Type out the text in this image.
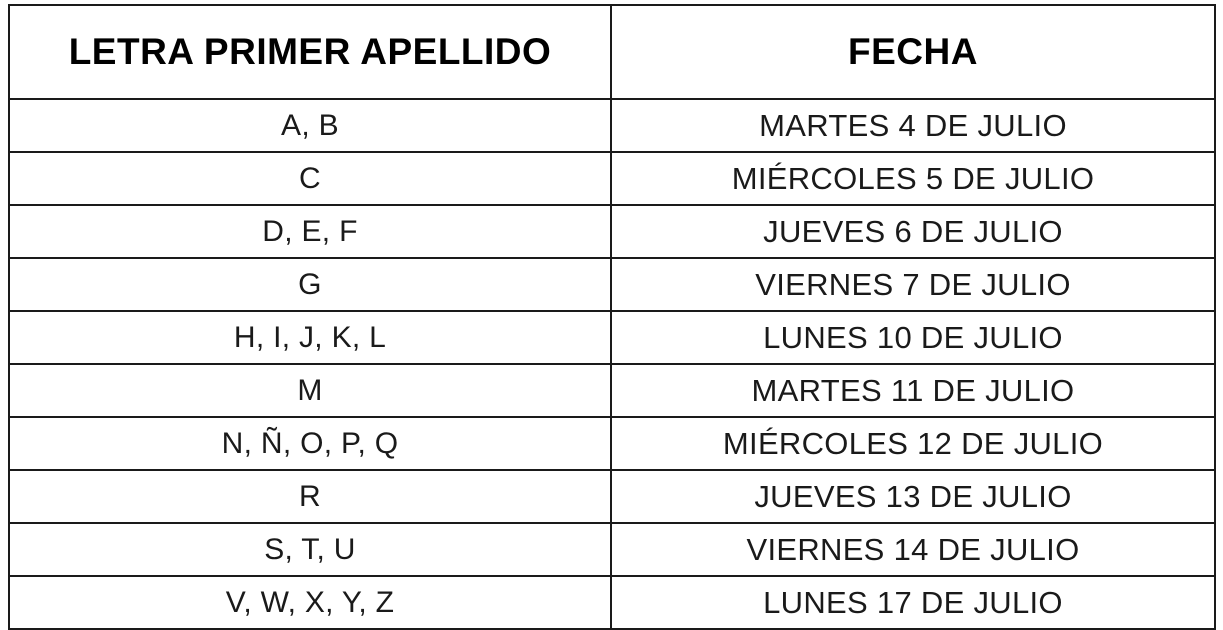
LETRA PRIMER APELLIDO	FECHA
A, B	MARTES 4 DE JULIO
C	MIÉRCOLES 5 DE JULIO
D, E, F	JUEVES 6 DE JULIO
G	VIERNES 7 DE JULIO
H, I, J, K, L	LUNES 10 DE JULIO
M	MARTES 11 DE JULIO
N, Ñ, O, P, Q	MIÉRCOLES 12 DE JULIO
R	JUEVES 13 DE JULIO
S, T, U	VIERNES 14 DE JULIO
V, W, X, Y, Z	LUNES 17 DE JULIO
